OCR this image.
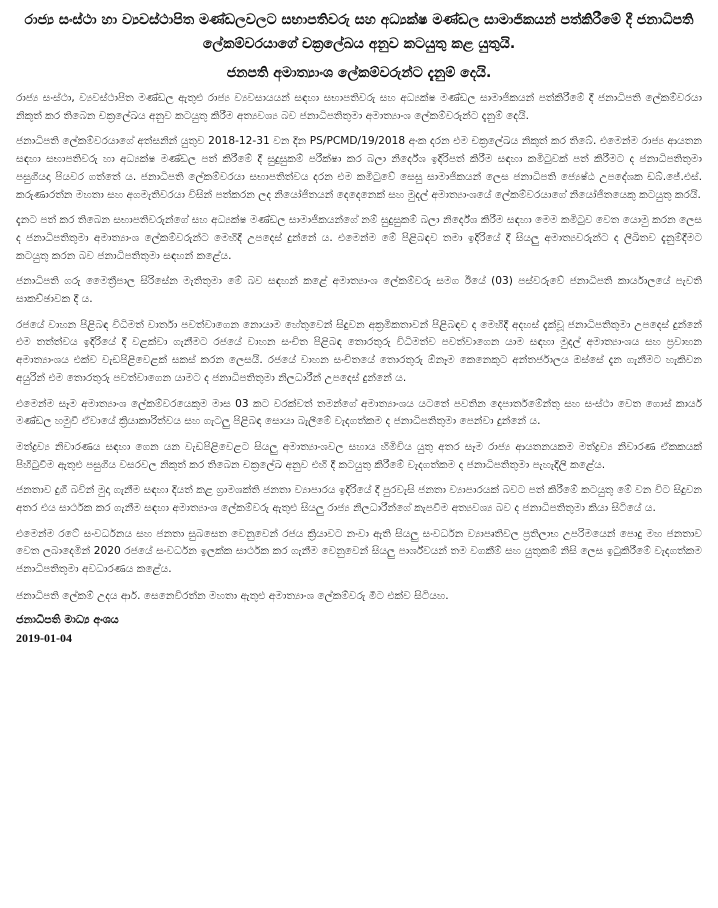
රාජ්‍ය සංස්ථා හා ව්‍යවස්ථාපිත මණ්ඩලවලට සභාපතිවරු සහ අධ්‍යක්ෂ මණ්ඩල සාමාජිකයන් පත්කිරීමේ දී ජනාධිපති ලේකම්වරයාගේ චක්‍රලේඛය අනුව කටයුතු කළ යුතුයි.
ජනපති අමාත්‍යාංශ ලේකම්වරුන්ට දැනුම් දෙයි.

රාජ්‍ය සංස්ථා, ව්‍යවස්ථාපිත මණ්ඩල ඇතුළු රාජ්‍ය ව්‍යවසායයන් සඳහා සභාපතිවරු සහ අධ්‍යක්ෂ මණ්ඩල සාමාජිකයන් පත්කිරීමේ දී ජනාධිපති ලේකම්වරයා නිකුත් කර තිබෙන චක්‍රලේඛය අනුව කටයුතු කිරීම අත්‍යවශ්‍ය බව ජනාධිපතිතුමා අමාත්‍යාංශ ලේකම්වරුන්ට දැනුම් දෙයි.

ජනාධිපති ලේකම්වරයාගේ අත්සනින් යුතුව 2018-12-31 වන දින PS/PCMD/19/2018 අංක දරන එම චක්‍රලේඛය නිකුත් කර තිබේ. එමෙන්ම රාජ්‍ය ආයතන සඳහා සභාපතිවරු හා අධ්‍යක්ෂ මණ්ඩල පත් කිරීමේ දී සුදුසුකම් පරීක්ෂා කර බලා නිර්දේශ ඉදිරිපත් කිරීම සඳහා කමිටුවක් පත් කිරීමට ද ජනාධිපතිතුමා පසුගියදා පියවර ගත්තේ ය. ජනාධිපති ලේකම්වරයා සභාපතිත්වය දරන එම කමිටුවේ සෙසු සාමාජිකයන් ලෙස ජනාධිපති ජ්‍යෙෂ්ඨ උපදේශක ඩබ්.ජේ.එස්. කරුණාරත්න මහතා සහ අගමැතිවරයා විසින් පත්කරන ලද නියෝජිතයන් දෙදෙනෙක් සහ මුදල් අමාත්‍යාංශයේ ලේකම්වරයාගේ නියෝජිතයෙකු කටයුතු කරයි.

දැනට පත් කර තිබෙන සභාපතිවරුන්ගේ සහ අධ්‍යක්ෂ මණ්ඩල සාමාජිකයන්ගේ නම් සුදුසුකම් බලා නිර්දේශ කිරීම සඳහා මෙම කමිටුව වෙත යොමු කරන ලෙස ද ජනාධිපතිතුමා අමාත්‍යාංශ ලේකම්වරුන්ට මෙහිදී උපදෙස් දුන්නේ ය. එමෙන්ම මේ පිළිබඳව තමා ඉදිරියේ දී සියලු අමාත්‍යවරුන්ට ද ලිඛිතව දැනුම්දීමට කටයුතු කරන බව ජනාධිපතිතුමා සඳහන් කළේය.

ජනාධිපති ගරු මෛත්‍රීපාල සිරිසේන මැතිතුමා මේ බව සඳහන් කළේ අමාත්‍යාංශ ලේකම්වරු සමග ඊයේ (03) පස්වරුවේ ජනාධිපති කාර්යාලයේ පැවති සාකච්ඡාවක දී ය.

රජයේ වාහන පිළිබඳ විධිමත් වාර්තා පවත්වාගෙන නොයාම හේතුවෙන් සිදුවන අක්‍රමිකතාවන් පිළිබඳව ද මෙහිදී අදහස් දැක්වූ ජනාධිපතිතුමා උපදෙස් දුන්නේ එම තත්ත්වය ඉදිරියේ දී වළක්වා ගැනීමට රජයේ වාහන සංචිත පිළිබඳ තොරතුරු විධිමත්ව පවත්වාගෙන යාම සඳහා මුදල් අමාත්‍යාංශය සහ ප්‍රවාහන අමාත්‍යාංශය එක්ව වැඩපිළිවෙළක් සකස් කරන ලෙසයි. රජයේ වාහන සංචිතයේ තොරතුරු ඕනෑම කෙනෙකුට අන්තර්ජාලය ඔස්සේ දැන ගැනීමට හැකිවන අයුරින් එම තොරතුරු පවත්වාගෙන යාමට ද ජනාධිපතිතුමා නිලධාරීන් උපදෙස් දුන්නේ ය.

එමෙන්ම සෑම අමාත්‍යාංශ ලේකම්වරයෙකුම මාස 03 කට වරක්වත් තමන්ගේ අමාත්‍යාංශය යටතේ පවතින දෙපාර්තමේන්තු සහ සංස්ථා වෙත ගොස් කාර්ය මණ්ඩල හමුවී ඒවායේ ක්‍රියාකාරිත්වය සහ ගැටලු පිළිබඳ සොයා බැලීමේ වැදගත්කම ද ජනාධිපතිතුමා පෙන්වා දුන්නේ ය.

මත්ද්‍රව්‍ය නිවාරණය සඳහා ගෙන යන වැඩපිළිවෙළට සියලු අමාත්‍යාංශවල සහාය හිමිවිය යුතු අතර සෑම රාජ්‍ය ආයතනයකම මත්ද්‍රව්‍ය නිවාරණ ඒකකයක් පිහිටුවීම ඇතුළු පසුගිය වසරවල නිකුත් කර තිබෙන චක්‍රලේඛ අනුව එහි දී කටයුතු කිරීමේ වැදගත්කම ද ජනාධිපතිතුමා පැහැදිලි කළේය.

ජනතාව දුගී බවින් මුදා ගැනීම සඳහා දියත් කළ ග්‍රාමශක්ති ජනතා ව්‍යාපාරය ඉදිරියේ දී පුරවැසි ජනතා ව්‍යාපාරයක් බවට පත් කිරීමේ කටයුතු මේ වන විට සිදුවන අතර එය සාර්ථක කර ගැනීම සඳහා අමාත්‍යාංශ ලේකම්වරු ඇතුළු සියලු රාජ්‍ය නිලධාරීන්ගේ කැපවීම අත්‍යවශ්‍ය බව ද ජනාධිපතිතුමා කියා සිටියේ ය.

එමෙන්ම රටේ සංවර්ධනය සහ ජනතා සුබසෙත වෙනුවෙන් රජය ක්‍රියාවට නංවා ඇති සියලු සංවර්ධන ව්‍යාපෘතිවල ප්‍රතිලාභ උපරිමයෙන් පොදු මහ ජනතාව වෙත ලබාදෙමින් 2020 රජයේ සංවර්ධන ඉලක්ක සාර්ථක කර ගැනීම වෙනුවෙන් සියලු පාර්ශ්වයන් තම වගකීම් සහ යුතුකම් නිසි ලෙස ඉටුකිරීමේ වැදගත්කම ජනාධිපතිතුමා අවධාරණය කළේය.

ජනාධිපති ලේකම් උදය ආර්. සෙනෙවිරත්න මහතා ඇතුළු අමාත්‍යාංශ ලේකම්වරු මීට එක්ව සිටියහ.

ජනාධිපති මාධ්‍ය අංශය

2019-01-04
